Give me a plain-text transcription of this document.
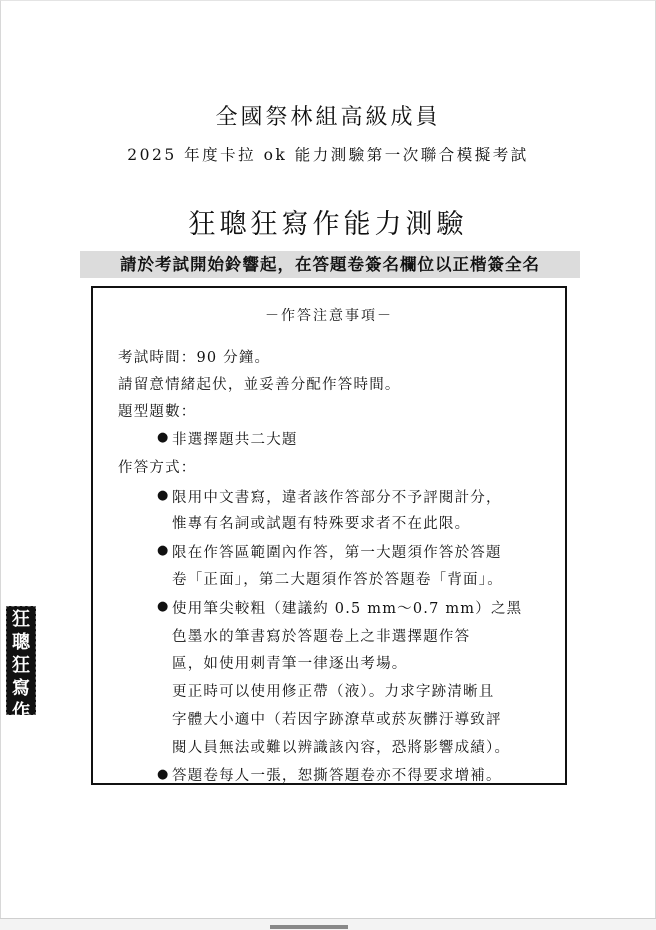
全國祭林組高級成員
2025 年度卡拉 ok 能力測驗第一次聯合模擬考試
狂聰狂寫作能力測驗
請於考試開始鈴響起，在答題卷簽名欄位以正楷簽全名
－作答注意事項－
考試時間：90 分鐘。
請留意情緒起伏，並妥善分配作答時間。
題型題數：
● 非選擇題共二大題
作答方式：
● 限用中文書寫，違者該作答部分不予評閱計分，
惟專有名詞或試題有特殊要求者不在此限。
● 限在作答區範圍內作答，第一大題須作答於答題
卷「正面」，第二大題須作答於答題卷「背面」。
● 使用筆尖較粗（建議約 0.5 mm～0.7 mm）之黑
色墨水的筆書寫於答題卷上之非選擇題作答
區，如使用刺青筆一律逐出考場。
更正時可以使用修正帶（液）。力求字跡清晰且
字體大小適中（若因字跡潦草或菸灰髒汙導致評
閱人員無法或難以辨識該內容，恐將影響成績）。
● 答題卷每人一張，恕撕答題卷亦不得要求增補。
狂
聰
狂
寫
作
